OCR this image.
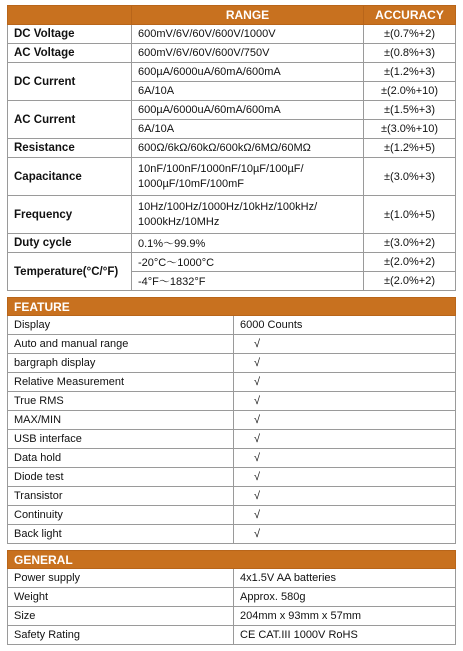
	RANGE	ACCURACY
DC Voltage	600mV/6V/60V/600V/1000V	±(0.7%+2)
AC Voltage	600mV/6V/60V/600V/750V	±(0.8%+3)
DC Current	600µA/6000uA/60mA/600mA	±(1.2%+3)
	6A/10A	±(2.0%+10)
AC Current	600µA/6000uA/60mA/600mA	±(1.5%+3)
	6A/10A	±(3.0%+10)
Resistance	600Ω/6kΩ/60kΩ/600kΩ/6MΩ/60MΩ	±(1.2%+5)
Capacitance	10nF/100nF/1000nF/10µF/100µF/
1000µF/10mF/100mF	±(3.0%+3)
Frequency	10Hz/100Hz/1000Hz/10kHz/100kHz/
1000kHz/10MHz	±(1.0%+5)
Duty cycle	0.1%～99.9%	±(3.0%+2)
Temperature(°C/°F)	-20°C～1000°C	±(2.0%+2)
	-4°F～1832°F	±(2.0%+2)
FEATURE	
Display	6000 Counts
Auto and manual range	√
bargraph display	√
Relative Measurement	√
True RMS	√
MAX/MIN	√
USB interface	√
Data hold	√
Diode test	√
Transistor	√
Continuity	√
Back light	√
GENERAL	
Power supply	4x1.5V AA batteries
Weight	Approx. 580g
Size	204mm x 93mm x 57mm
Safety Rating	CE CAT.III 1000V RoHS
